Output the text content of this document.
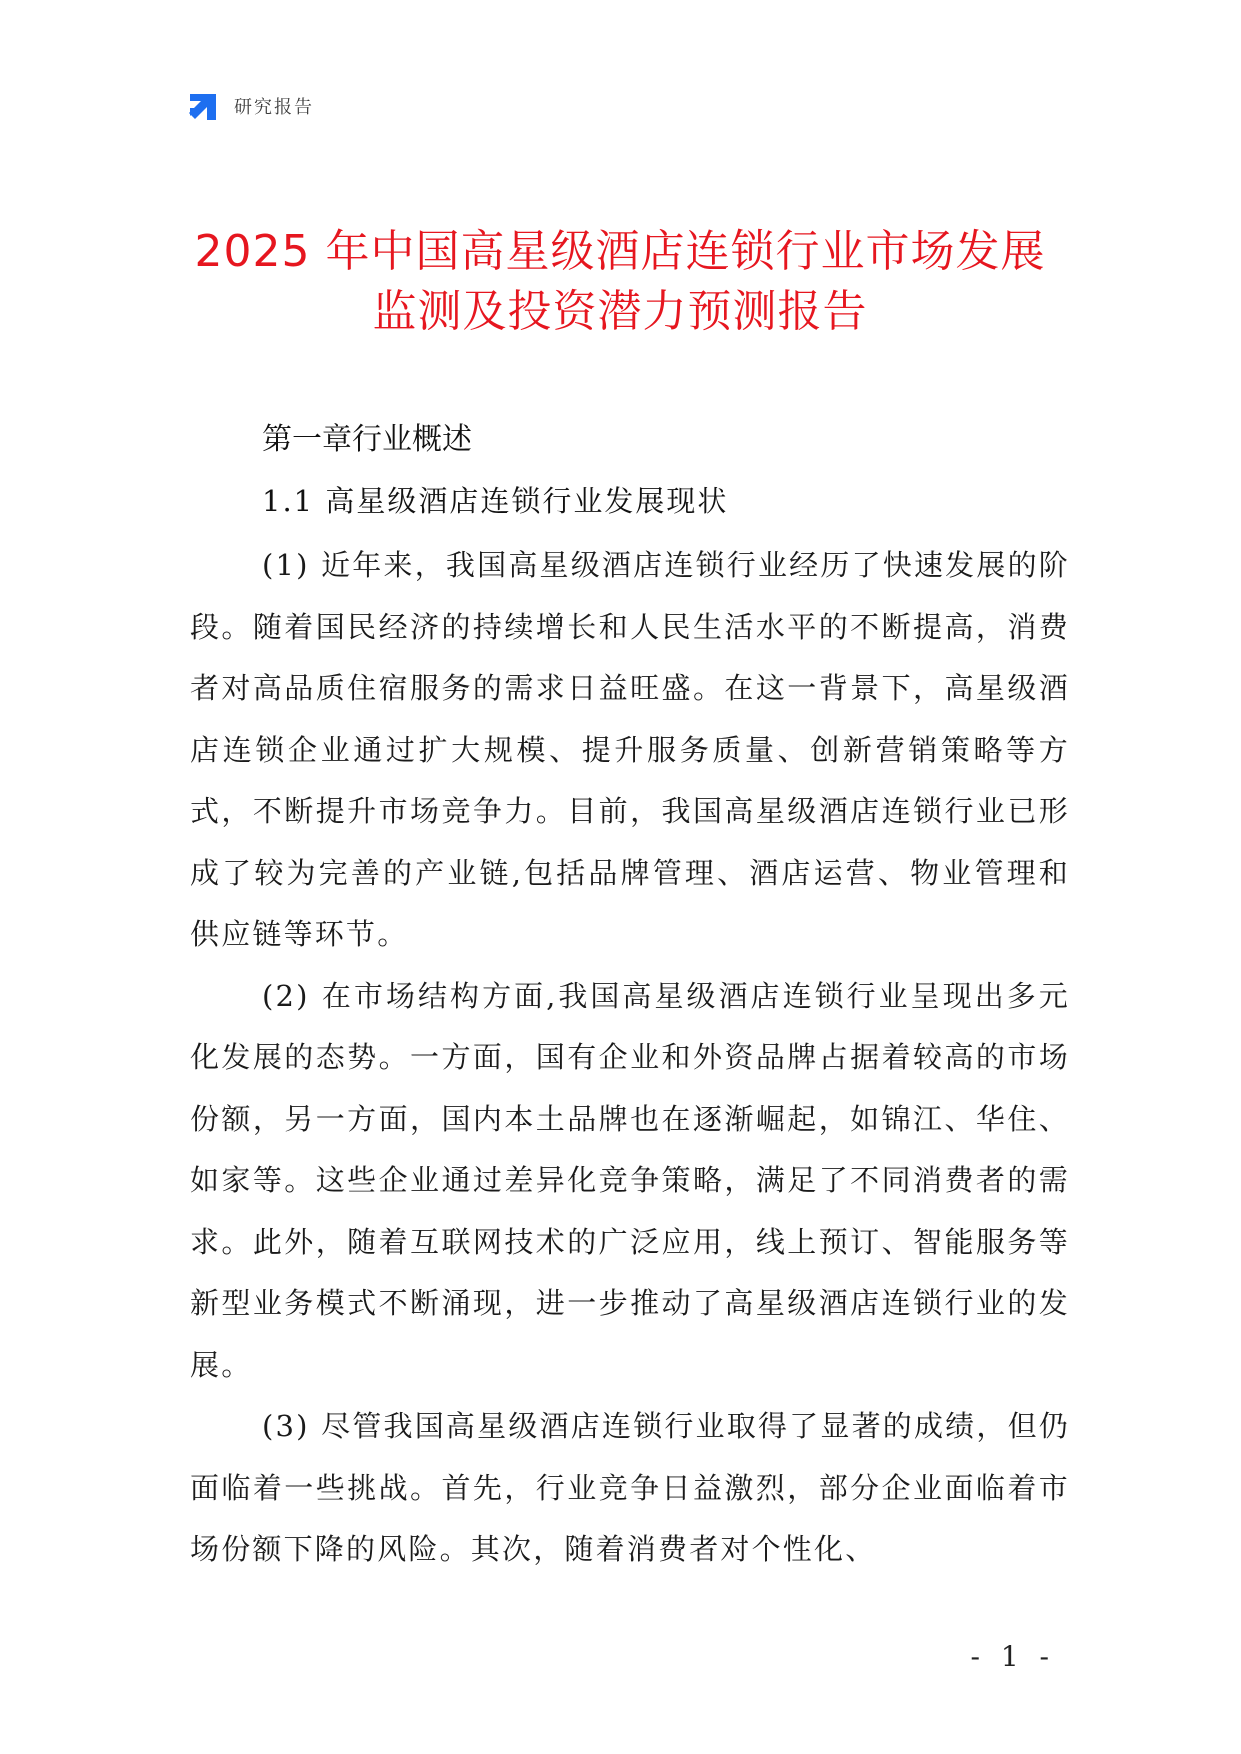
研究报告
2025 年中国高星级酒店连锁行业市场发展
监测及投资潜力预测报告
第一章行业概述
1.1 高星级酒店连锁行业发展现状

(1) 近年来，我国高星级酒店连锁行业经历了快速发展的阶段。随着国民经济的持续增长和人民生活水平的不断提高，消费者对高品质住宿服务的需求日益旺盛。在这一背景下，高星级酒店连锁企业通过扩大规模、提升服务质量、创新营销策略等方式，不断提升市场竞争力。目前，我国高星级酒店连锁行业已形成了较为完善的产业链,包括品牌管理、酒店运营、物业管理和供应链等环节。

(2) 在市场结构方面,我国高星级酒店连锁行业呈现出多元化发展的态势。一方面，国有企业和外资品牌占据着较高的市场份额，另一方面，国内本土品牌也在逐渐崛起，如锦江、华住、如家等。这些企业通过差异化竞争策略，满足了不同消费者的需求。此外，随着互联网技术的广泛应用，线上预订、智能服务等新型业务模式不断涌现，进一步推动了高星级酒店连锁行业的发展。

(3) 尽管我国高星级酒店连锁行业取得了显著的成绩，但仍面临着一些挑战。首先，行业竞争日益激烈，部分企业面临着市场份额下降的风险。其次，随着消费者对个性化、

- 1 -
